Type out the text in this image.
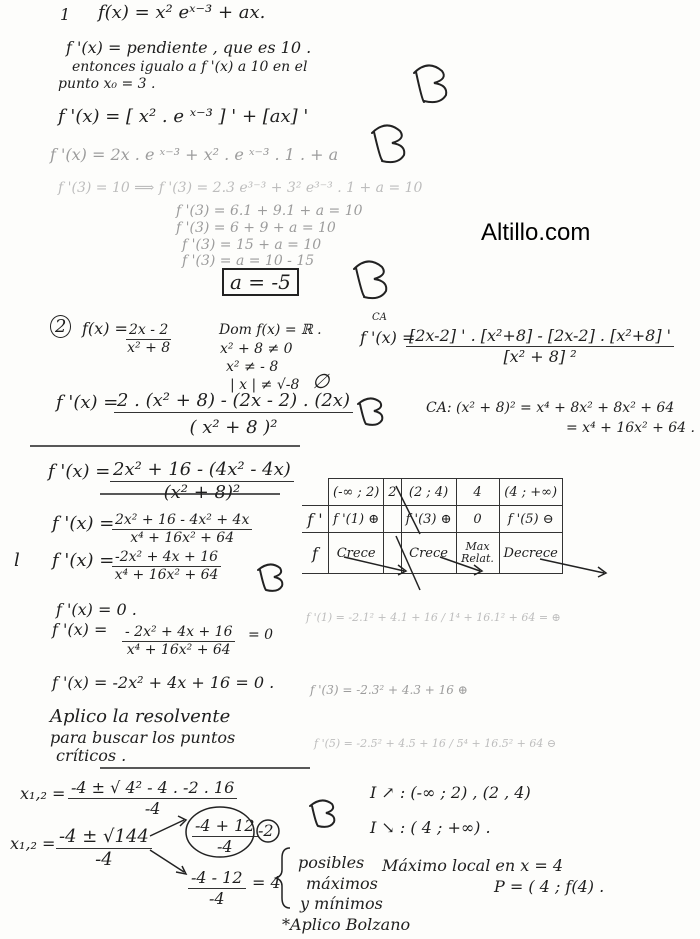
Altillo.com
1 f(x) = x² eˣ⁻³ + ax.
f '(x) = pendiente , que es 10 .
entonces igualo a f '(x) a 10 en el
punto x₀ = 3 .
f '(x) = [ x² . e ˣ⁻³ ] ' + [ax] '
f '(x) = 2x . e ˣ⁻³ + x² . e ˣ⁻³ . 1 . + a
f '(3) = 10 ⟹ f '(3) = 2.3 e³⁻³ + 3² e³⁻³ . 1 + a = 10
f '(3) = 6.1 + 9.1 + a = 10
f '(3) = 6 + 9 + a = 10
f '(3) = 15 + a = 10
f '(3) = a = 10 - 15
a = -5
2 f(x) =
$\frac{2x - 2}{\text{x² + 8}}$	Dom f(x) = ℝ .
x² + 8 ≠ 0
x² ≠ - 8
| x | ≠ √-8 ∅
CA
f '(x) =
$\frac{\text{[2x-2] ' . [x²+8] - [2x-2] . [x²+8] '}}{\text{[x² + 8] ²}}$
CA: (x² + 8)² = x⁴ + 8x² + 8x² + 64
= x⁴ + 16x² + 64 .
f '(x) =
$\frac{\text{2 . (x² + 8) - (2x - 2) . (2x)}}{\text{( x² + 8 )²}}$
f '$(x) = \frac{\text{2x² + 16 - (4x² - 4x)}}{\text{(x² + 8)²}}$
f '(x) =
$\frac{\text{2x² + 16 - 4x² + 4x}}{\text{x⁴ + 16x² + 64}}$
l f '(x) =
$\frac{\text{-2x² + 4x + 16}}{\text{x⁴ + 16x² + 64}}$
	(-∞ ; 2)	2	(2 ; 4)	4	(4 ; +∞)
f '	f '(1) ⊕		f '(3) ⊕	0	f '(5) ⊖
f	Crece		Crece	Max Relat.	Decrece
f '(x) = 0 .
f '$(x) = \frac{\text{- 2x² + 4x + 16}}{\text{x⁴ + 16x² + 64}} = 0$
f '(x) = -2x² + 4x + 16 = 0 .
f '(1) = -2.1² + 4.1 + 16 / 1⁴ + 16.1² + 64 = ⊕
f '(3) = -2.3² + 4.3 + 16 ⊕
f '(5) = -2.5² + 4.5 + 16 / 5⁴ + 16.5² + 64 ⊖
Aplico la resolvente
para buscar los puntos
críticos .
$x_1,_2 = \frac{\text{-4 ± √ 4² - 4 . -2 . 16}}{-4}$
$x_1,_2 = \frac{-4 \pm √144}{-4}$	$\frac{-4 + 12}{-4} -2$
$\frac{-4 - 12}{-4} = 4$
I ↗ : (-∞ ; 2) , (2 , 4)
I ↘ : ( 4 ; +∞) .
Máximo local en x = 4
P = ( 4 ; f(4) .
posibles
máximos
y mínimos
*Aplico Bolzano
